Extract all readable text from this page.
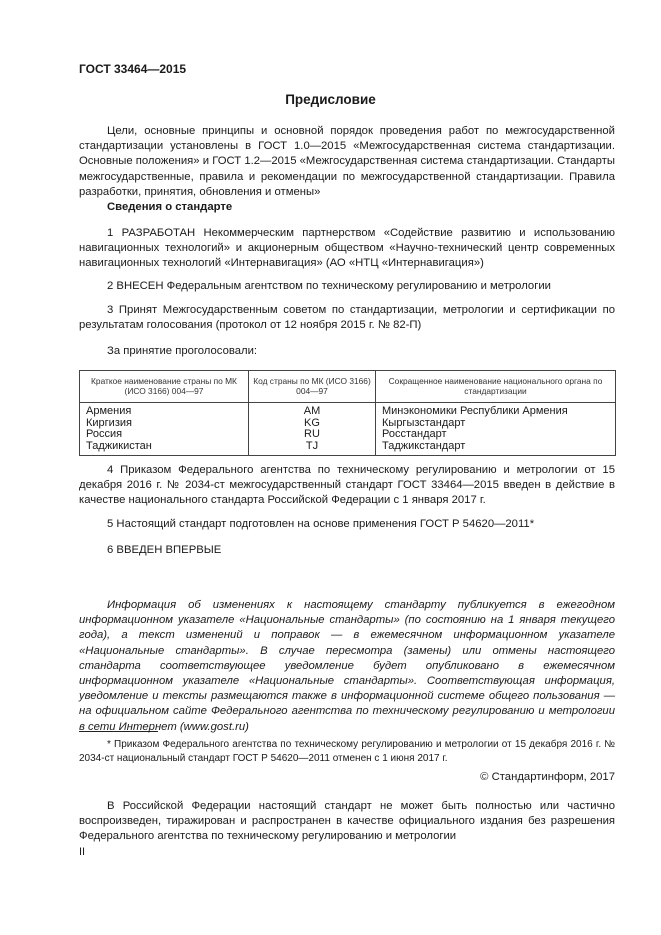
ГОСТ 33464—2015
Предисловие

Цели, основные принципы и основной порядок проведения работ по межгосударственной стандартизации установлены в ГОСТ 1.0—2015 «Межгосударственная система стандартизации. Основные положения» и ГОСТ 1.2—2015 «Межгосударственная система стандартизации. Стандарты межгосударственные, правила и рекомендации по межгосударственной стандартизации. Правила разработки, принятия, обновления и отмены»

Сведения о стандарте

1 РАЗРАБОТАН Некоммерческим партнерством «Содействие развитию и использованию навигационных технологий» и акционерным обществом «Научно-технический центр современных навигационных технологий «Интернавигация» (АО «НТЦ «Интернавигация»)

2 ВНЕСЕН Федеральным агентством по техническому регулированию и метрологии

3 Принят Межгосударственным советом по стандартизации, метрологии и сертификации по результатам голосования (протокол от 12 ноября 2015 г. № 82-П)

За принятие проголосовали:

Краткое наименование страны по МК (ИСО 3166) 004—97	Код страны по МК (ИСО 3166) 004—97	Сокращенное наименование национального органа по стандартизации
Армения	AM	Минэкономики Республики Армения
Киргизия	KG	Кыргызстандарт
Россия	RU	Росстандарт
Таджикистан	TJ	Таджикстандарт

4 Приказом Федерального агентства по техническому регулированию и метрологии от 15 декабря 2016 г. № 2034-ст межгосударственный стандарт ГОСТ 33464—2015 введен в действие в качестве национального стандарта Российской Федерации с 1 января 2017 г.

5 Настоящий стандарт подготовлен на основе применения ГОСТ Р 54620—2011*

6 ВВЕДЕН ВПЕРВЫЕ

Информация об изменениях к настоящему стандарту публикуется в ежегодном информационном указателе «Национальные стандарты» (по состоянию на 1 января текущего года), а текст изменений и поправок — в ежемесячном информационном указателе «Национальные стандарты». В случае пересмотра (замены) или отмены настоящего стандарта соответствующее уведомление будет опубликовано в ежемесячном информационном указателе «Национальные стандарты». Соответствующая информация, уведомление и тексты размещаются также в информационной системе общего пользования — на официальном сайте Федерального агентства по техническому регулированию и метрологии в сети Интернет (www.gost.ru)

* Приказом Федерального агентства по техническому регулированию и метрологии от 15 декабря 2016 г. № 2034-ст национальный стандарт ГОСТ Р 54620—2011 отменен с 1 июня 2017 г.

© Стандартинформ, 2017

В Российской Федерации настоящий стандарт не может быть полностью или частично воспроизведен, тиражирован и распространен в качестве официального издания без разрешения Федерального агентства по техническому регулированию и метрологии

II
